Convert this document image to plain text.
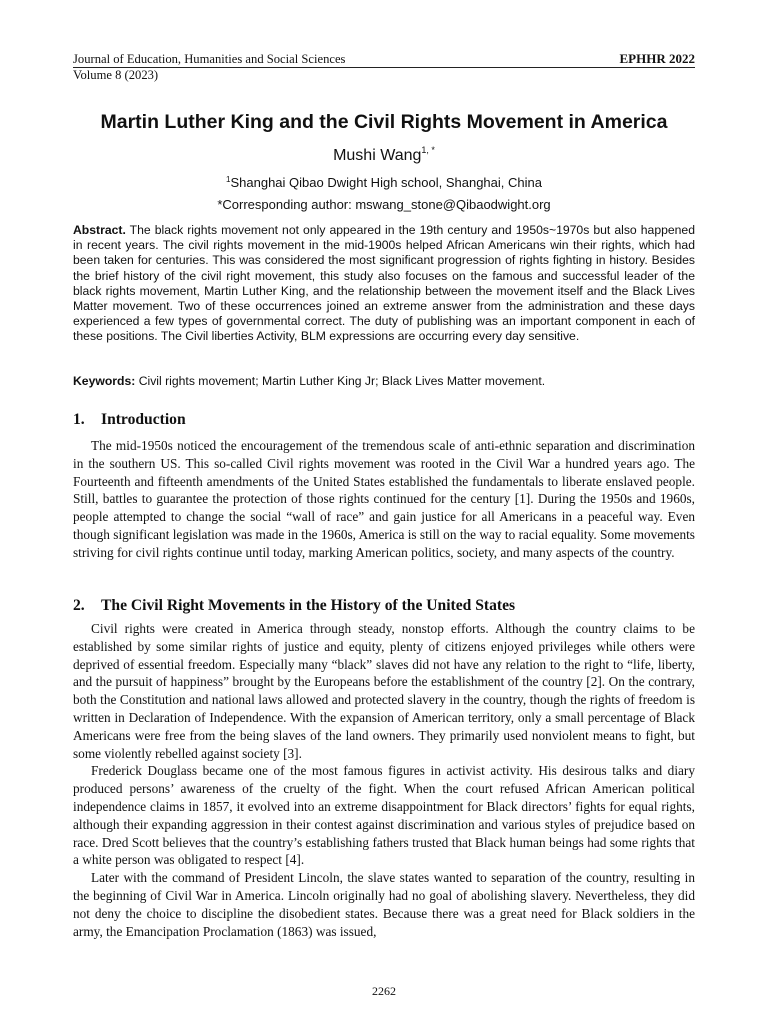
Journal of Education, Humanities and Social Sciences	EPHHR 2022
Volume 8 (2023)
Martin Luther King and the Civil Rights Movement in America
Mushi Wang$^{1, *}$
$^1$Shanghai Qibao Dwight High school, Shanghai, China
*Corresponding author: mswang_stone@Qibaodwight.org

Abstract. The black rights movement not only appeared in the 19th century and 1950s~1970s but also happened in recent years. The civil rights movement in the mid-1900s helped African Americans win their rights, which had been taken for centuries. This was considered the most significant progression of rights fighting in history. Besides the brief history of the civil right movement, this study also focuses on the famous and successful leader of the black rights movement, Martin Luther King, and the relationship between the movement itself and the Black Lives Matter movement. Two of these occurrences joined an extreme answer from the administration and these days experienced a few types of governmental correct. The duty of publishing was an important component in each of these positions. The Civil liberties Activity, BLM expressions are occurring every day sensitive.

Keywords: Civil rights movement; Martin Luther King Jr; Black Lives Matter movement.

1. Introduction

The mid-1950s noticed the encouragement of the tremendous scale of anti-ethnic separation and discrimination in the southern US. This so-called Civil rights movement was rooted in the Civil War a hundred years ago. The Fourteenth and fifteenth amendments of the United States established the fundamentals to liberate enslaved people. Still, battles to guarantee the protection of those rights continued for the century [1]. During the 1950s and 1960s, people attempted to change the social “wall of race” and gain justice for all Americans in a peaceful way. Even though significant legislation was made in the 1960s, America is still on the way to racial equality. Some movements striving for civil rights continue until today, marking American politics, society, and many aspects of the country.

2. The Civil Right Movements in the History of the United States

Civil rights were created in America through steady, nonstop efforts. Although the country claims to be established by some similar rights of justice and equity, plenty of citizens enjoyed privileges while others were deprived of essential freedom. Especially many “black” slaves did not have any relation to the right to “life, liberty, and the pursuit of happiness” brought by the Europeans before the establishment of the country [2]. On the contrary, both the Constitution and national laws allowed and protected slavery in the country, though the rights of freedom is written in Declaration of Independence. With the expansion of American territory, only a small percentage of Black Americans were free from the being slaves of the land owners. They primarily used nonviolent means to fight, but some violently rebelled against society [3].

Frederick Douglass became one of the most famous figures in activist activity. His desirous talks and diary produced persons’ awareness of the cruelty of the fight. When the court refused African American political independence claims in 1857, it evolved into an extreme disappointment for Black directors’ fights for equal rights, although their expanding aggression in their contest against discrimination and various styles of prejudice based on race. Dred Scott believes that the country’s establishing fathers trusted that Black human beings had some rights that a white person was obligated to respect [4].

Later with the command of President Lincoln, the slave states wanted to separation of the country, resulting in the beginning of Civil War in America. Lincoln originally had no goal of abolishing slavery. Nevertheless, they did not deny the choice to discipline the disobedient states. Because there was a great need for Black soldiers in the army, the Emancipation Proclamation (1863) was issued,

2262
